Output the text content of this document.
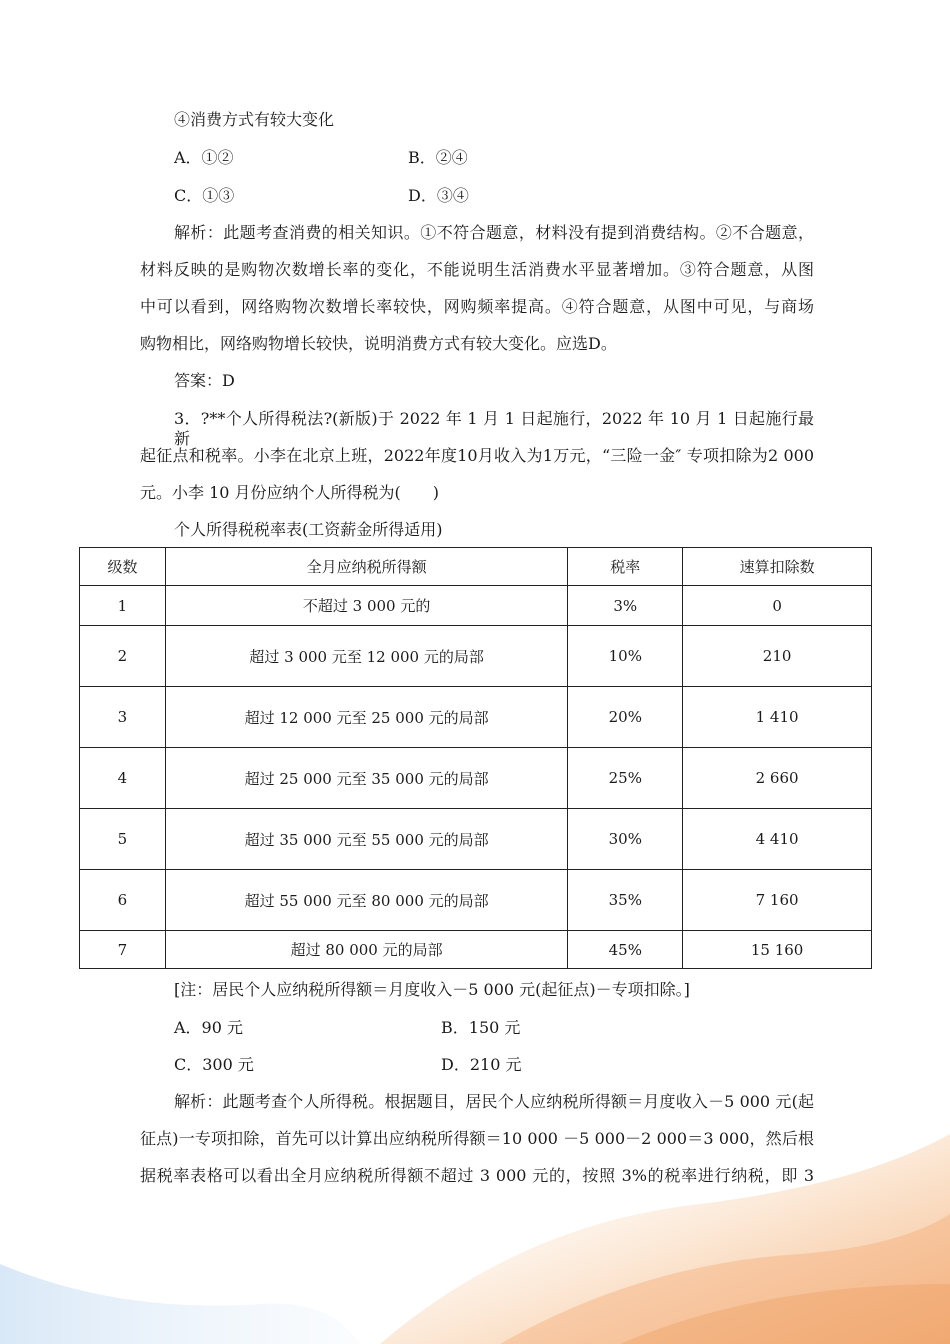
④消费方式有较大变化
A．①②	B．②④
C．①③	D．③④
解析：此题考查消费的相关知识。①不符合题意，材料没有提到消费结构。②不合题意，
材料反映的是购物次数增长率的变化，不能说明生活消费水平显著增加。③符合题意，从图
中可以看到，网络购物次数增长率较快，网购频率提高。④符合题意，从图中可见，与商场
购物相比，网络购物增长较快，说明消费方式有较大变化。应选D。
答案：D
3．?**个人所得税法?(新版)于 2022 年 1 月 1 日起施行，2022 年 10 月 1 日起施行最新
起征点和税率。小李在北京上班，2022年度10月收入为1万元，“三险一金″ 专项扣除为2 000
元。小李 10 月份应纳个人所得税为(　　)
个人所得税税率表(工资薪金所得适用)
级数	全月应纳税所得额	税率	速算扣除数
1	不超过 3 000 元的	3%	0
2	超过 3 000 元至 12 000 元的局部	10%	210
3	超过 12 000 元至 25 000 元的局部	20%	1 410
4	超过 25 000 元至 35 000 元的局部	25%	2 660
5	超过 35 000 元至 55 000 元的局部	30%	4 410
6	超过 55 000 元至 80 000 元的局部	35%	7 160
7	超过 80 000 元的局部	45%	15 160
[注：居民个人应纳税所得额＝月度收入－5 000 元(起征点)－专项扣除。]
A．90 元	B．150 元
C．300 元	D．210 元
解析：此题考查个人所得税。根据题目，居民个人应纳税所得额＝月度收入－5 000 元(起
征点)一专项扣除，首先可以计算出应纳税所得额＝10 000 －5 000－2 000＝3 000，然后根
据税率表格可以看出全月应纳税所得额不超过 3 000 元的，按照 3%的税率进行纳税，即 3
